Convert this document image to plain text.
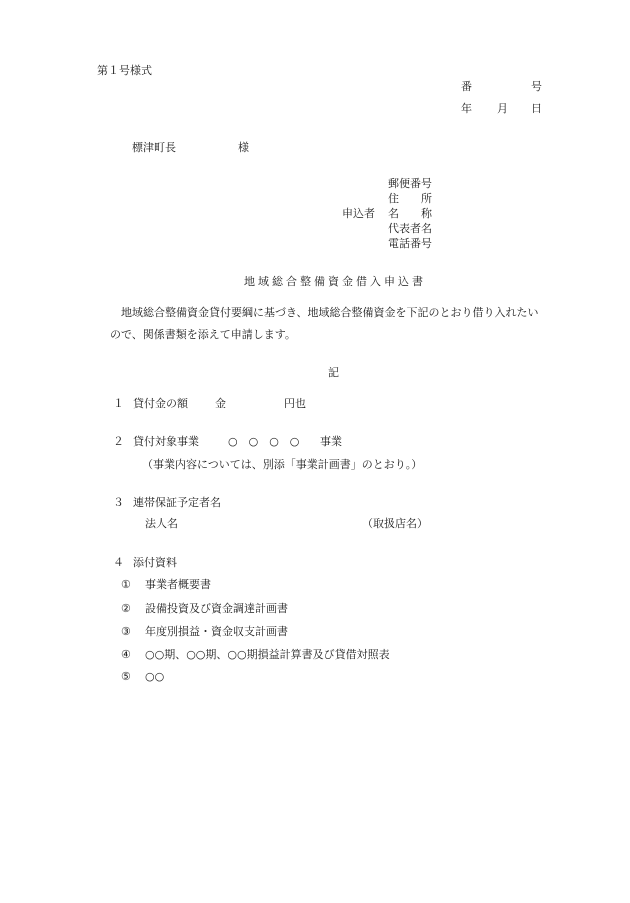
第１号様式
番	号
年 月 日
標津町長	様
郵便番号
住　　所
申込者 名　　称
代表者名
電話番号
地域総合整備資金借入申込書
地域総合整備資金貸付要綱に基づき、地域総合整備資金を下記のとおり借り入れたい
ので、関係書類を添えて申請します。
記
１ 貸付金の額 金	円也
２ 貸付対象事業	○　○　○　○ 事業
（事業内容については、別添「事業計画書」のとおり。）
３ 連帯保証予定者名
法人名	（取扱店名）
４ 添付資料
① 事業者概要書
② 設備投資及び資金調達計画書
③ 年度別損益・資金収支計画書
④ ○○期、○○期、○○期損益計算書及び貸借対照表
⑤ ○○
